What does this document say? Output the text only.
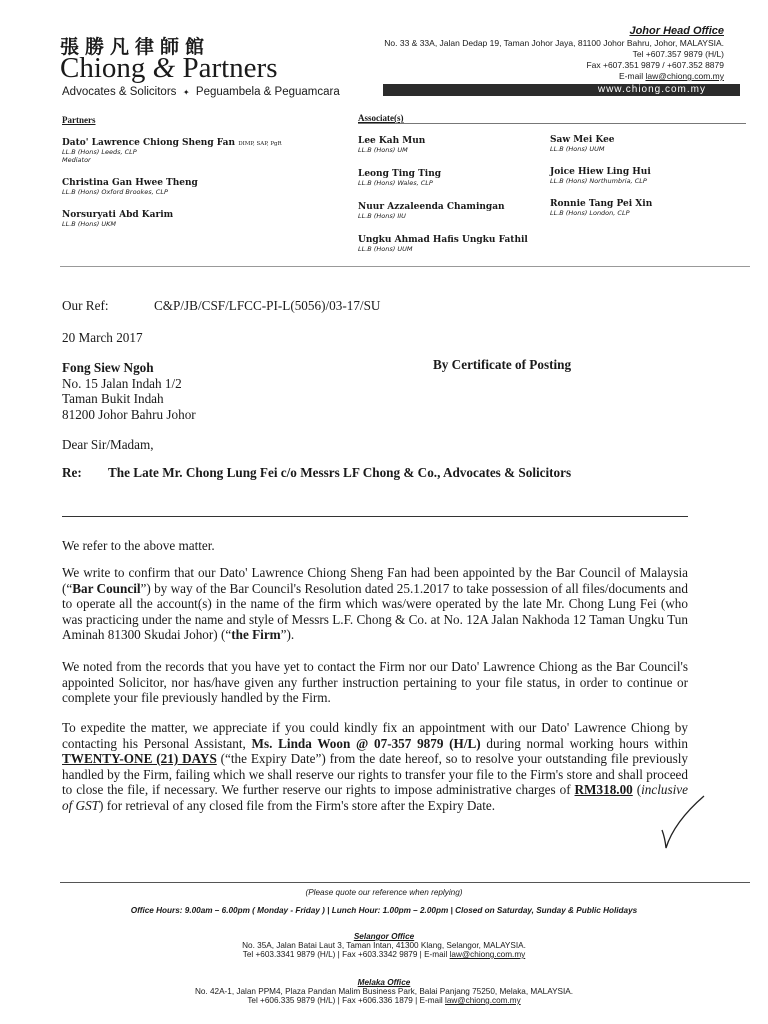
張勝凡律師館
Chiong & Partners
Advocates & Solicitors ✦ Peguambela & Peguamcara
Johor Head Office
No. 33 & 33A, Jalan Dedap 19, Taman Johor Jaya, 81100 Johor Bahru, Johor, MALAYSIA.
Tel +607.357 9879 (H/L)
Fax +607.351 9879 / +607.352 8879
E-mail law@chiong.com.my
www.chiong.com.my
Partners	Associate(s)
Dato' Lawrence Chiong Sheng Fan DIMP, SAP, PgR
LL.B (Hons) Leeds, CLP
Mediator
Christina Gan Hwee Theng
LL.B (Hons) Oxford Brookes, CLP
Norsuryati Abd Karim
LL.B (Hons) UKM
Lee Kah Mun
LL.B (Hons) UM
Leong Ting Ting
LL.B (Hons) Wales, CLP
Nuur Azzaleenda Chamingan
LL.B (Hons) IIU
Ungku Ahmad Hafis Ungku Fathil
LL.B (Hons) UUM
Saw Mei Kee
LL.B (Hons) UUM
Joice Hiew Ling Hui
LL.B (Hons) Northumbria, CLP
Ronnie Tang Pei Xin
LL.B (Hons) London, CLP
Our Ref:	C&P/JB/CSF/LFCC-PI-L(5056)/03-17/SU
20 March 2017
Fong Siew Ngoh
No. 15 Jalan Indah 1/2
Taman Bukit Indah
81200 Johor Bahru Johor
By Certificate of Posting
Dear Sir/Madam,
Re: The Late Mr. Chong Lung Fei c/o Messrs LF Chong & Co., Advocates & Solicitors
We refer to the above matter.
We write to confirm that our Dato' Lawrence Chiong Sheng Fan had been appointed by the Bar Council of Malaysia (“Bar Council”) by way of the Bar Council's Resolution dated 25.1.2017 to take possession of all files/documents and to operate all the account(s) in the name of the firm which was/were operated by the late Mr. Chong Lung Fei (who was practicing under the name and style of Messrs L.F. Chong & Co. at No. 12A Jalan Nakhoda 12 Taman Ungku Tun Aminah 81300 Skudai Johor) (“the Firm”).
We noted from the records that you have yet to contact the Firm nor our Dato' Lawrence Chiong as the Bar Council's appointed Solicitor, nor has/have given any further instruction pertaining to your file status, in order to continue or complete your file previously handled by the Firm.
To expedite the matter, we appreciate if you could kindly fix an appointment with our Dato' Lawrence Chiong by contacting his Personal Assistant, Ms. Linda Woon @ 07-357 9879 (H/L) during normal working hours within TWENTY-ONE (21) DAYS (“the Expiry Date”) from the date hereof, so to resolve your outstanding file previously handled by the Firm, failing which we shall reserve our rights to transfer your file to the Firm's store and shall proceed to close the file, if necessary. We further reserve our rights to impose administrative charges of RM318.00 (inclusive of GST) for retrieval of any closed file from the Firm's store after the Expiry Date.
(Please quote our reference when replying)
Office Hours: 9.00am – 6.00pm ( Monday - Friday ) | Lunch Hour: 1.00pm – 2.00pm | Closed on Saturday, Sunday & Public Holidays
Selangor Office
No. 35A, Jalan Batai Laut 3, Taman Intan, 41300 Klang, Selangor, MALAYSIA.
Tel +603.3341 9879 (H/L) | Fax +603.3342 9879 | E-mail law@chiong.com.my
Melaka Office
No. 42A-1, Jalan PPM4, Plaza Pandan Malim Business Park, Balai Panjang 75250, Melaka, MALAYSIA.
Tel +606.335 9879 (H/L) | Fax +606.336 1879 | E-mail law@chiong.com.my
